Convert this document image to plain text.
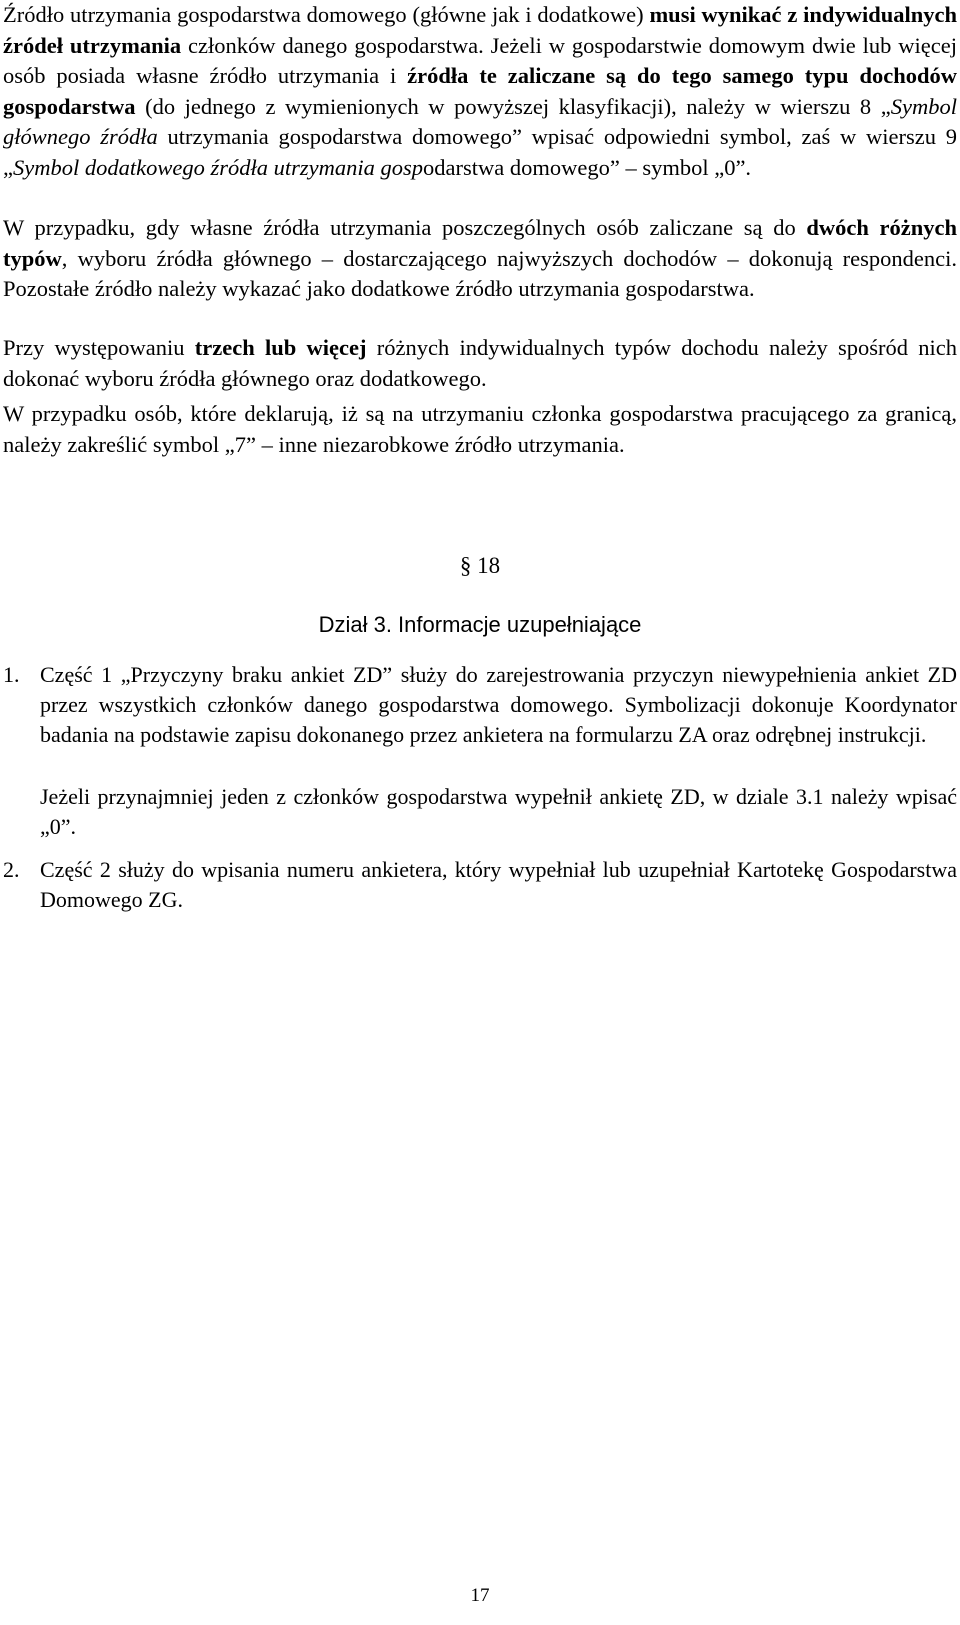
Źródło utrzymania gospodarstwa domowego (główne jak i dodatkowe) musi wynikać z indywidualnych źródeł utrzymania członków danego gospodarstwa. Jeżeli w gospodarstwie domowym dwie lub więcej osób posiada własne źródło utrzymania i źródła te zaliczane są do tego samego typu dochodów gospodarstwa (do jednego z wymienionych w powyższej klasyfikacji), należy w wierszu 8 „Symbol głównego źródła utrzymania gospodarstwa domowego” wpisać odpowiedni symbol, zaś w wierszu 9 „Symbol dodatkowego źródła utrzymania gospodarstwa domowego” – symbol „0”.

W przypadku, gdy własne źródła utrzymania poszczególnych osób zaliczane są do dwóch różnych typów, wyboru źródła głównego – dostarczającego najwyższych dochodów – dokonują respondenci. Pozostałe źródło należy wykazać jako dodatkowe źródło utrzymania gospodarstwa.

Przy występowaniu trzech lub więcej różnych indywidualnych typów dochodu należy spośród nich dokonać wyboru źródła głównego oraz dodatkowego.

W przypadku osób, które deklarują, iż są na utrzymaniu członka gospodarstwa pracującego za granicą, należy zakreślić symbol „7” – inne niezarobkowe źródło utrzymania.

§ 18
Dział 3. Informacje uzupełniające
1. Część 1 „Przyczyny braku ankiet ZD” służy do zarejestrowania przyczyn niewypełnienia ankiet ZD przez wszystkich członków danego gospodarstwa domowego. Symbolizacji dokonuje Koordynator badania na podstawie zapisu dokonanego przez ankietera na formularzu ZA oraz odrębnej instrukcji.
Jeżeli przynajmniej jeden z członków gospodarstwa wypełnił ankietę ZD, w dziale 3.1 należy wpisać „0”.
2. Część 2 służy do wpisania numeru ankietera, który wypełniał lub uzupełniał Kartotekę Gospodarstwa Domowego ZG.
17
